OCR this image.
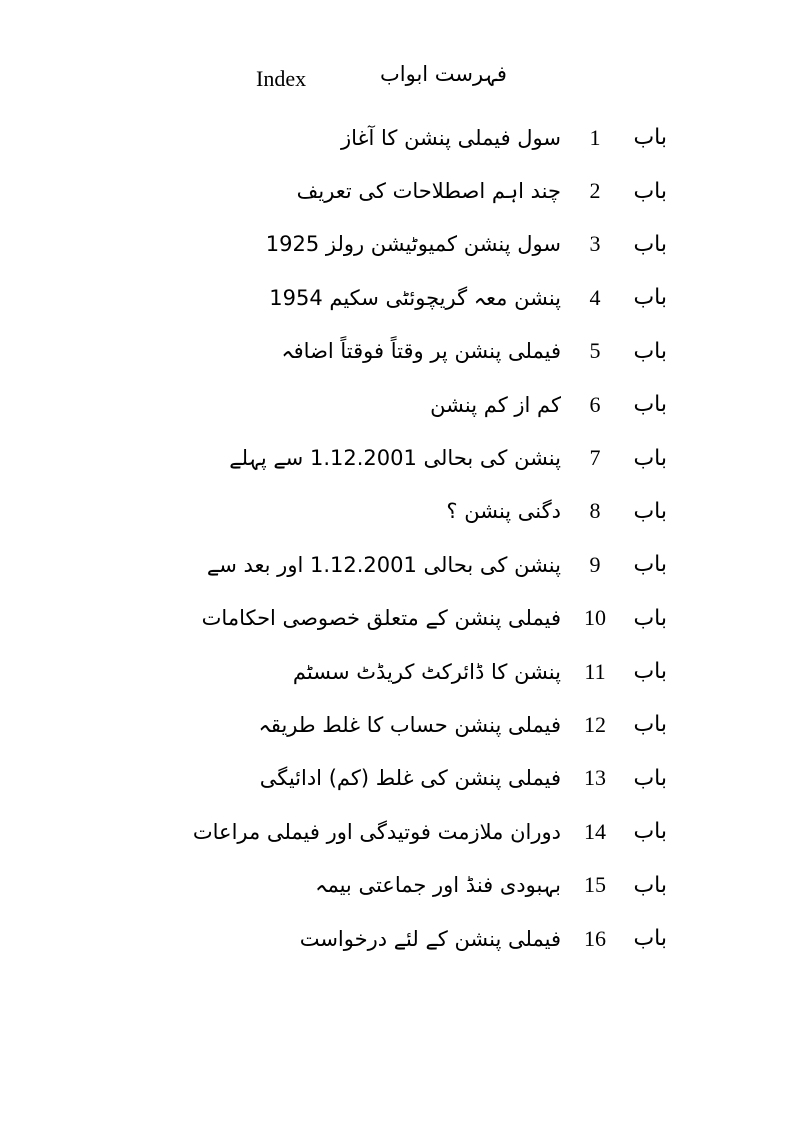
Index	فہرست ابواب
باب
1
سول فیملی پنشن کا آغاز
باب
2
چند اہم اصطلاحات کی تعریف
باب
3
سول پنشن کمیوٹیشن رولز 1925
باب
4
پنشن معہ گریچوئٹی سکیم 1954
باب
5
فیملی پنشن پر وقتاً فوقتاً اضافہ
باب
6
کم از کم پنشن
باب
7
پنشن کی بحالی 1.12.2001 سے پہلے
باب
8
دگنی پنشن ؟
باب
9
پنشن کی بحالی 1.12.2001 اور بعد سے
باب
10
فیملی پنشن کے متعلق خصوصی احکامات
باب
11
پنشن کا ڈائرکٹ کریڈٹ سسٹم
باب
12
فیملی پنشن حساب کا غلط طریقہ
باب
13
فیملی پنشن کی غلط (کم) ادائیگی
باب
14
دوران ملازمت فوتیدگی اور فیملی مراعات
باب
15
بہبودی فنڈ اور جماعتی بیمہ
باب
16
فیملی پنشن کے لئے درخواست
